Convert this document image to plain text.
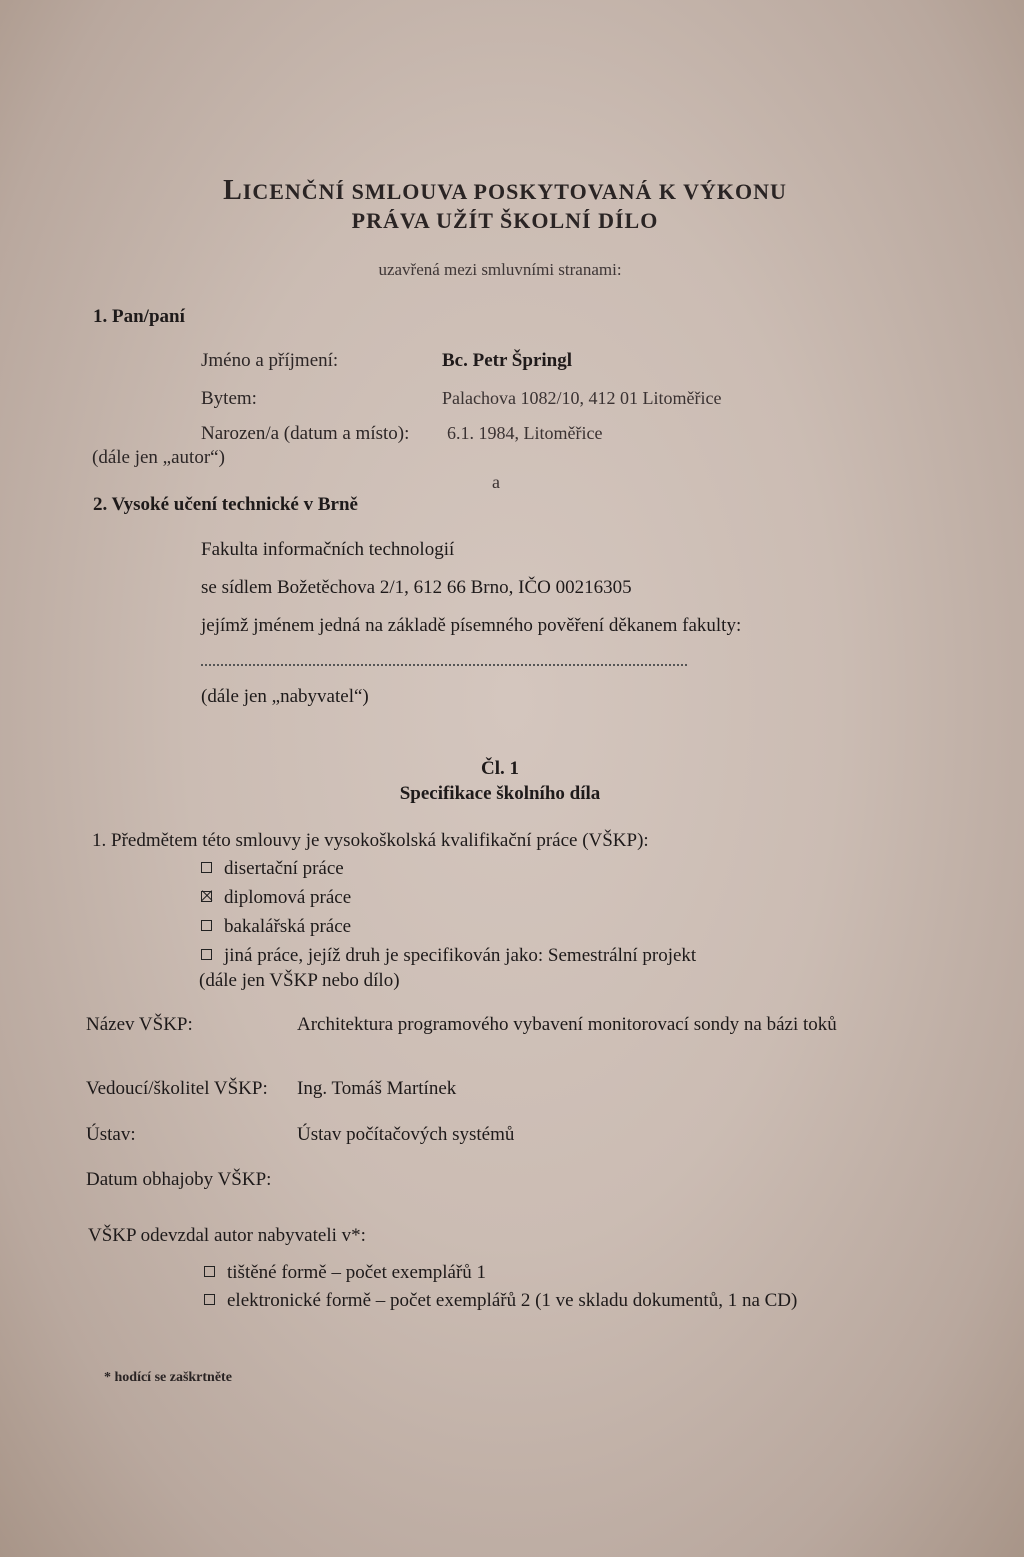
LICENČNÍ SMLOUVA POSKYTOVANÁ K VÝKONU
PRÁVA UŽÍT ŠKOLNÍ DÍLO
uzavřená mezi smluvními stranami:
1. Pan/paní
Jméno a příjmení:	Bc. Petr Špringl
Bytem:	Palachova 1082/10, 412 01 Litoměřice
Narozen/a (datum a místo): 6.1. 1984, Litoměřice
(dále jen „autor“)
a
2. Vysoké učení technické v Brně
Fakulta informačních technologií
se sídlem Božetěchova 2/1, 612 66 Brno, IČO 00216305
jejímž jménem jedná na základě písemného pověření děkanem fakulty:
(dále jen „nabyvatel“)
Čl. 1
Specifikace školního díla
1. Předmětem této smlouvy je vysokoškolská kvalifikační práce (VŠKP):
disertační práce
diplomová práce
bakalářská práce
jiná práce, jejíž druh je specifikován jako: Semestrální projekt
(dále jen VŠKP nebo dílo)
Název VŠKP:	Architektura programového vybavení monitorovací sondy na bázi toků
Vedoucí/školitel VŠKP: Ing. Tomáš Martínek
Ústav:	Ústav počítačových systémů
Datum obhajoby VŠKP:
VŠKP odevzdal autor nabyvateli v*:
tištěné formě – počet exemplářů 1
elektronické formě – počet exemplářů 2 (1 ve skladu dokumentů, 1 na CD)
* hodící se zaškrtněte
